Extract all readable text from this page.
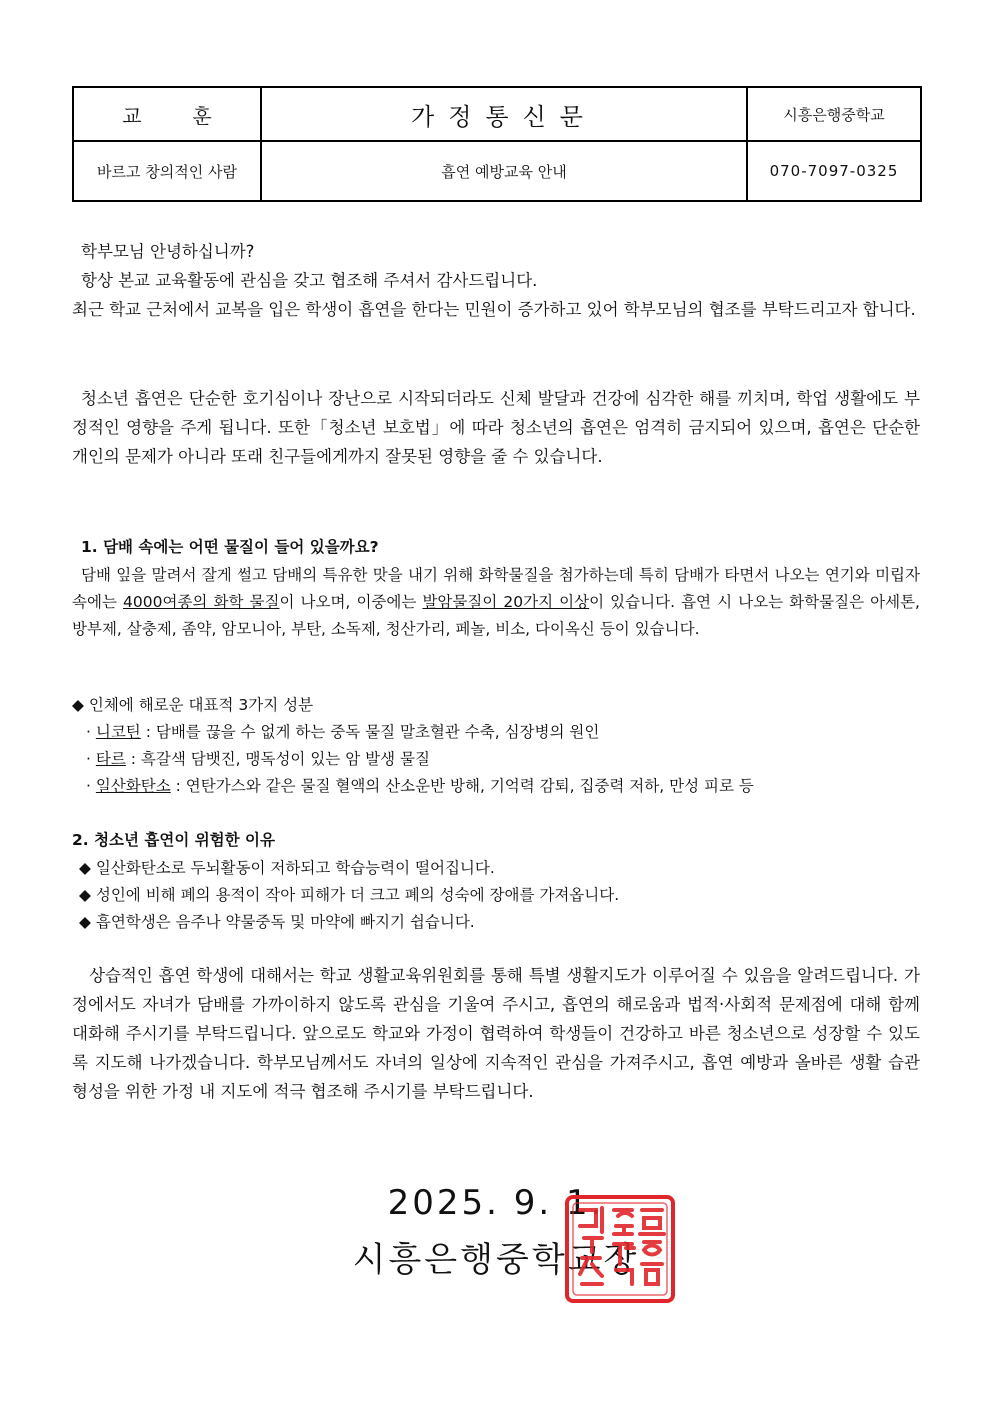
교        훈	가정통신문	시흥은행중학교
바르고 창의적인 사람	흡연 예방교육 안내	070-7097-0325

학부모님 안녕하십니까?

항상 본교 교육활동에 관심을 갖고 협조해 주셔서 감사드립니다.

최근 학교 근처에서 교복을 입은 학생이 흡연을 한다는 민원이 증가하고 있어 학부모님의 협조를 부탁드리고자 합니다.

청소년 흡연은 단순한 호기심이나 장난으로 시작되더라도 신체 발달과 건강에 심각한 해를 끼치며, 학업 생활에도 부정적인 영향을 주게 됩니다. 또한「청소년 보호법」에 따라 청소년의 흡연은 엄격히 금지되어 있으며, 흡연은 단순한 개인의 문제가 아니라 또래 친구들에게까지 잘못된 영향을 줄 수 있습니다.

1. 담배 속에는 어떤 물질이 들어 있을까요?

담배 잎을 말려서 잘게 썰고 담배의 특유한 맛을 내기 위해 화학물질을 첨가하는데 특히 담배가 타면서 나오는 연기와 미립자 속에는 4000여종의 화학 물질이 나오며, 이중에는 발암물질이 20가지 이상이 있습니다. 흡연 시 나오는 화학물질은 아세톤, 방부제, 살충제, 좀약, 암모니아, 부탄, 소독제, 청산가리, 페놀, 비소, 다이옥신 등이 있습니다.

◆ 인체에 해로운 대표적 3가지 성분

· 니코틴 : 담배를 끊을 수 없게 하는 중독 물질 말초혈관 수축, 심장병의 원인

· 타르 : 흑갈색 담뱃진, 맹독성이 있는 암 발생 물질

· 일산화탄소 : 연탄가스와 같은 물질 혈액의 산소운반 방해, 기억력 감퇴, 집중력 저하, 만성 피로 등

2. 청소년 흡연이 위험한 이유

◆ 일산화탄소로 두뇌활동이 저하되고 학습능력이 떨어집니다.

◆ 성인에 비해 폐의 용적이 작아 피해가 더 크고 폐의 성숙에 장애를 가져옵니다.

◆ 흡연학생은 음주나 약물중독 및 마약에 빠지기 쉽습니다.

상습적인 흡연 학생에 대해서는 학교 생활교육위원회를 통해 특별 생활지도가 이루어질 수 있음을 알려드립니다. 가정에서도 자녀가 담배를 가까이하지 않도록 관심을 기울여 주시고, 흡연의 해로움과 법적·사회적 문제점에 대해 함께 대화해 주시기를 부탁드립니다. 앞으로도 학교와 가정이 협력하여 학생들이 건강하고 바른 청소년으로 성장할 수 있도록 지도해 나가겠습니다. 학부모님께서도 자녀의 일상에 지속적인 관심을 가져주시고, 흡연 예방과 올바른 생활 습관 형성을 위한 가정 내 지도에 적극 협조해 주시기를 부탁드립니다.
2025. 9. 1.
시흥은행중학교장
